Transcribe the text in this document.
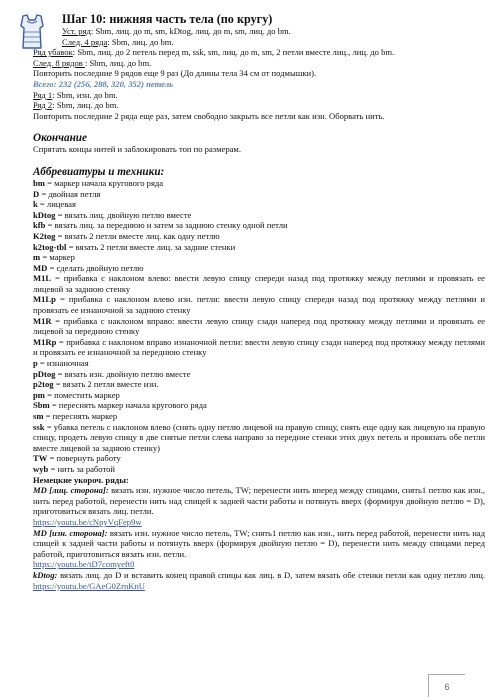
Шаг 10: нижняя часть тела (по кругу)
Уст. ряд: Sbm, лиц. до m, sm, kDtog, лиц. до m, sm, лиц. до bm.
След. 4 ряда: Sbm, лиц. до bm.
Ряд убавок: Sbm, лиц. до 2 петель перед m, ssk, sm, лиц. до m, sm, 2 петли вместе лиц., лиц. до bm.
След. 8 рядов : Sbm, лиц. до bm.
Повторить последние 9 рядов еще 9 раз (До длины тела 34 см от подмышки).
Всего: 232 (256, 288, 320, 352) петель
Ряд 1: Sbm, изн. до bm.
Ряд 2: Sbm, лиц. до bm.
Повторить последние 2 ряда еще раз, затем свободно закрыть все петли как изн. Оборвать нить.
Окончание
Спрятать концы нитей и заблокировать топ по размерам.
Аббревиатуры и техники:
bm = маркер начала кругового ряда
D = двойная петля
k = лицевая
kDtog = вязать лиц. двойную петлю вместе
kfb = вязать лиц. за переднюю и затем за заднюю стенку одной петли
K2tog = вязать 2 петли вместе лиц. как одну петлю
k2tog-tbl = вязать 2 петли вместе лиц. за задние стенки
m = маркер
MD = сделать двойную петлю
M1L = прибавка с наклоном влево: ввести левую спицу спереди назад под протяжку между петлями и провязать ее лицевой за заднюю стенку
M1Lp = прибавка с наклоном влево изн. петли: ввести левую спицу спереди назад под протяжку между петлями и провязать ее изнаночной за заднюю стенку
M1R = прибавка с наклоном вправо: ввести левую спицу сзади наперед под протяжку между петлями и провязать ее лицевой за переднюю стенку
M1Rp = прибавка с наклоном вправо изнаночной петли: ввести левую спицу сзади наперед под протяжку между петлями и провязать ее изнаночной за переднюю стенку
p = изнаночная
pDtog = вязать изн. двойную петлю вместе
p2tog = вязать 2 петли вместе изн.
pm = поместить маркер
Sbm = переснять маркер начала кругового ряда
sm = переснять маркер
ssk = убавка петель с наклоном влево (снять одну петлю лицевой на правую спицу, снять еще одну как лицевую на правую спицу, продеть левую спицу в две снятые петли слева направо за передние стенки этих двух петель и провязать обе петли вместе лицевой за заднюю стенку)
TW = повернуть работу
wyb = нить за работой
Немецкие укороч. ряды:
MD [лиц. сторона]: вязать изн. нужное число петель, TW; перенести нить вперед между спицами, снять1 петлю как изн., нить перед работой, перенести нить над спицей к задней части работы и потянуть вверх (формируя двойную петлю = D), приготовиться вязать лиц. петли.
https://youtu.be/cNpyVqFep9w
MD [изн. сторона]: вязать изн. нужное число петель, TW; снять1 петлю как изн., нить перед работой, перенести нить над спицей к задней части работы и потянуть вверх (формируя двойную петлю = D), перенести нить между спицами перед работой, приготовиться вязать изн. петли.
https://youtu.be/tD7comyeft0
kDtog: вязать лиц. до D и вставить конец правой спицы как лиц. в D, затем вязать обе стенки петли как одну петлю лиц. https://youtu.be/GAeG0ZrnKnU
6
